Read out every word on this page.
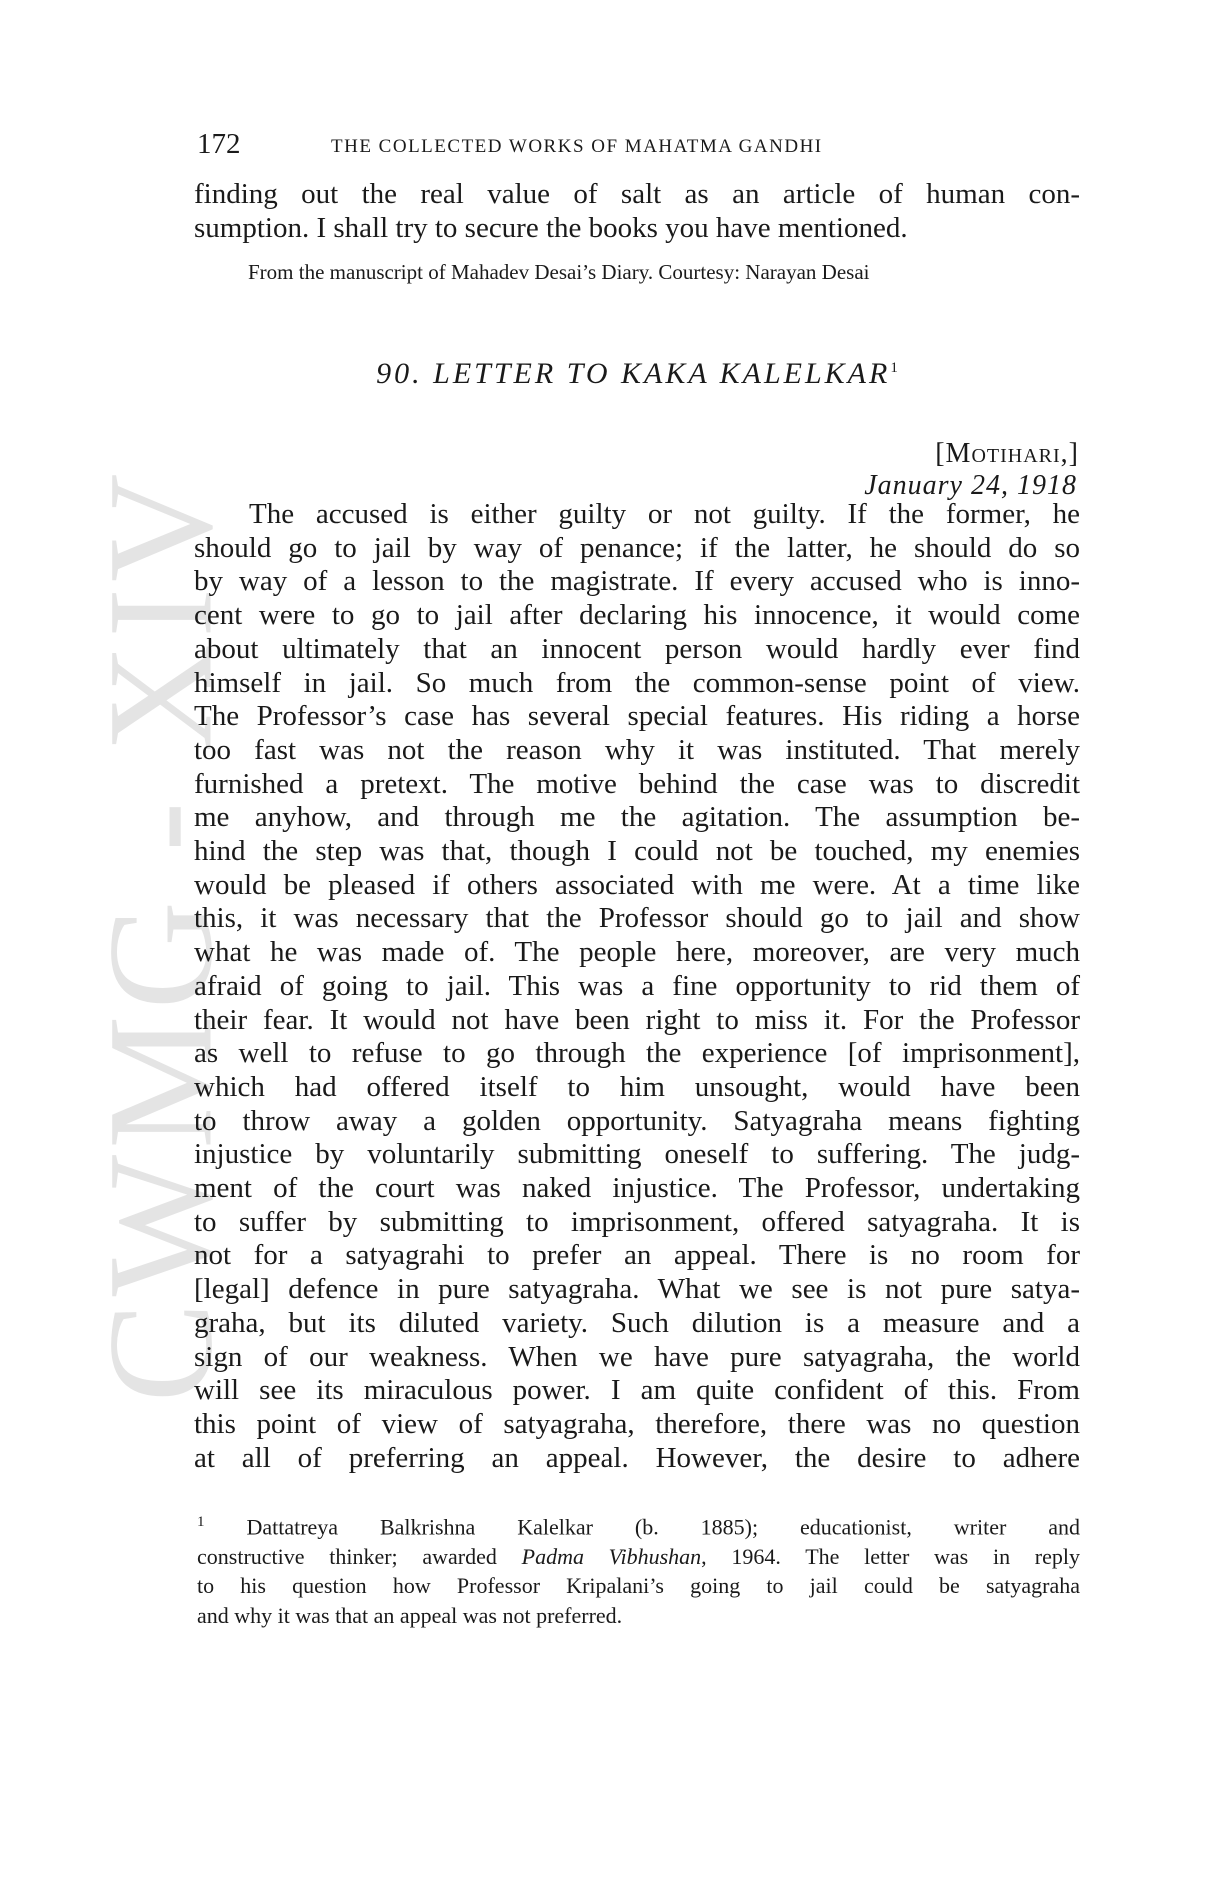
CWMG - XIV
172	THE COLLECTED WORKS OF MAHATMA GANDHI

finding out the real value of salt as an article of human con-

sumption. I shall try to secure the books you have mentioned.

From the manuscript of Mahadev Desai’s Diary. Courtesy: Narayan Desai
90. LETTER TO KAKA KALELKAR$^1$
[Motihari,]
January 24, 1918

The accused is either guilty or not guilty. If the former, he

should go to jail by way of penance; if the latter, he should do so

by way of a lesson to the magistrate. If every accused who is inno-

cent were to go to jail after declaring his innocence, it would come

about ultimately that an innocent person would hardly ever find

himself in jail. So much from the common-sense point of view.

The Professor’s case has several special features. His riding a horse

too fast was not the reason why it was instituted. That merely

furnished a pretext. The motive behind the case was to discredit

me anyhow, and through me the agitation. The assumption be-

hind the step was that, though I could not be touched, my enemies

would be pleased if others associated with me were. At a time like

this, it was necessary that the Professor should go to jail and show

what he was made of. The people here, moreover, are very much

afraid of going to jail. This was a fine opportunity to rid them of

their fear. It would not have been right to miss it. For the Professor

as well to refuse to go through the experience [of imprisonment],

which had offered itself to him unsought, would have been

to throw away a golden opportunity. Satyagraha means fighting

injustice by voluntarily submitting oneself to suffering. The judg-

ment of the court was naked injustice. The Professor, undertaking

to suffer by submitting to imprisonment, offered satyagraha. It is

not for a satyagrahi to prefer an appeal. There is no room for

[legal] defence in pure satyagraha. What we see is not pure satya-

graha, but its diluted variety. Such dilution is a measure and a

sign of our weakness. When we have pure satyagraha, the world

will see its miraculous power. I am quite confident of this. From

this point of view of satyagraha, therefore, there was no question

at all of preferring an appeal. However, the desire to adhere

$^1$ Dattatreya Balkrishna Kalelkar (b. 1885); educationist, writer and

constructive thinker; awarded Padma Vibhushan, 1964. The letter was in reply

to his question how Professor Kripalani’s going to jail could be satyagraha

and why it was that an appeal was not preferred.
